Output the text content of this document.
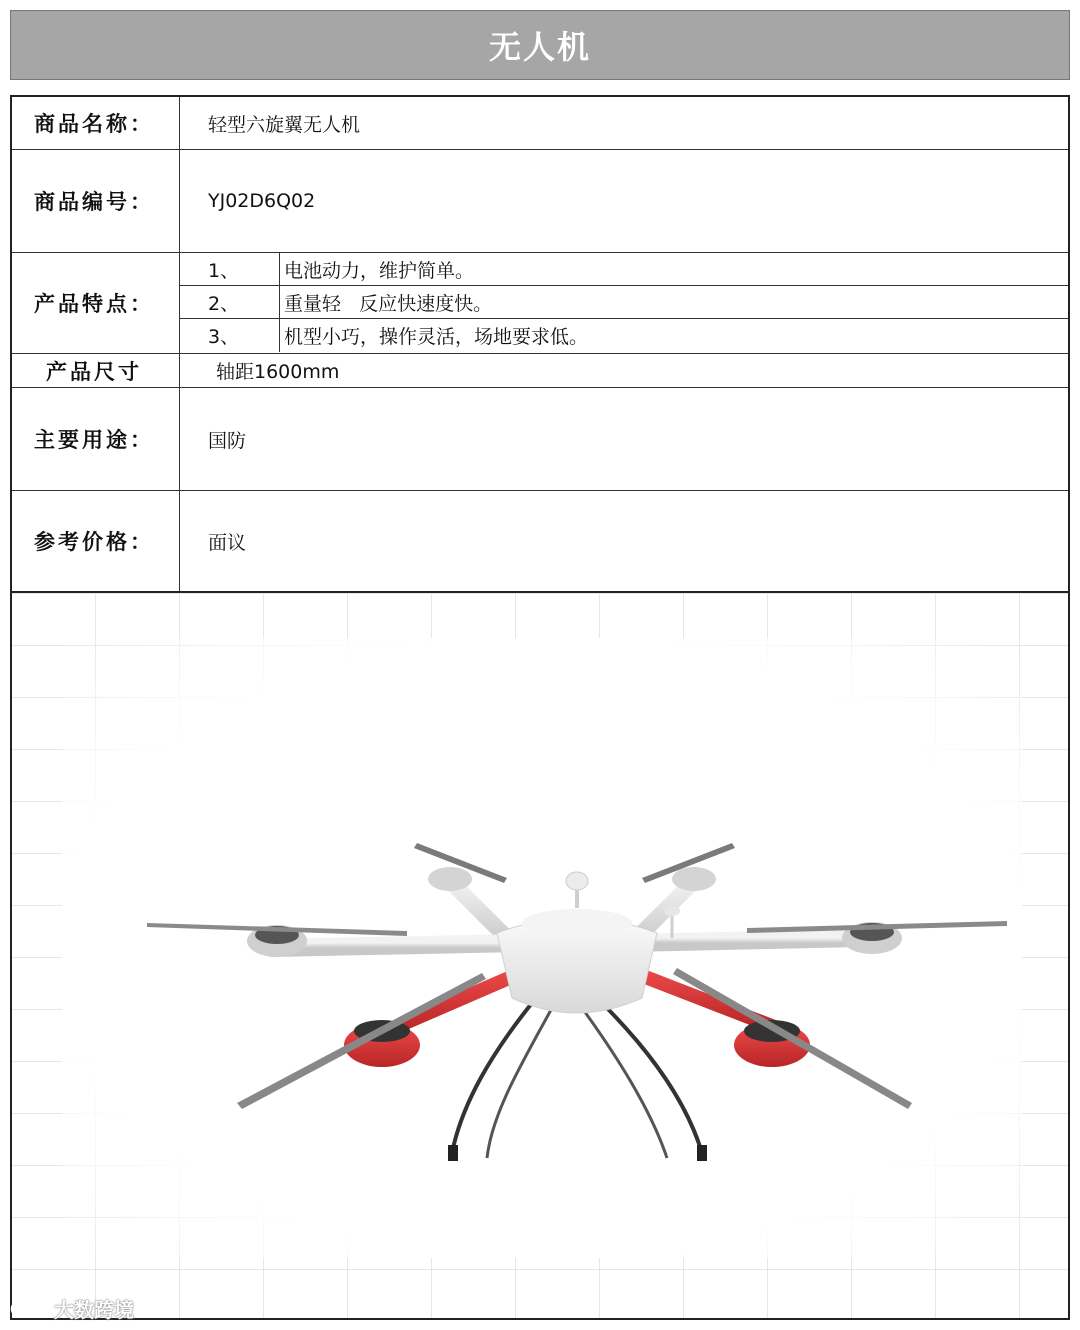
无人机
商品名称：	轻型六旋翼无人机
商品编号：	YJ02D6Q02
产品特点：
1、	电池动力，维护简单。
2、	重量轻   反应快速度快。
3、	机型小巧，操作灵活，场地要求低。
产品尺寸	轴距1600mm
主要用途：	国防
参考价格：	面议
大数跨境
